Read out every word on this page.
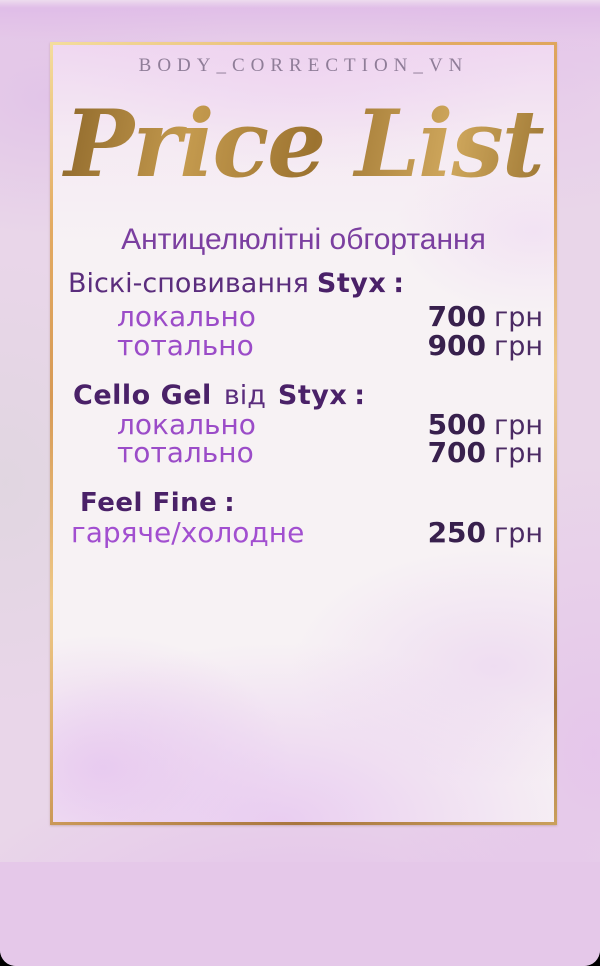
BODY_CORRECTION_VN
Price List
Антицелюлітні обгортання
Віскі-сповивання Styx :
локально	700 грн
тотально	900 грн
Cello Gel від Styx :
локально	500 грн
тотально	700 грн
Feel Fine :
гаряче/холодне	250 грн
